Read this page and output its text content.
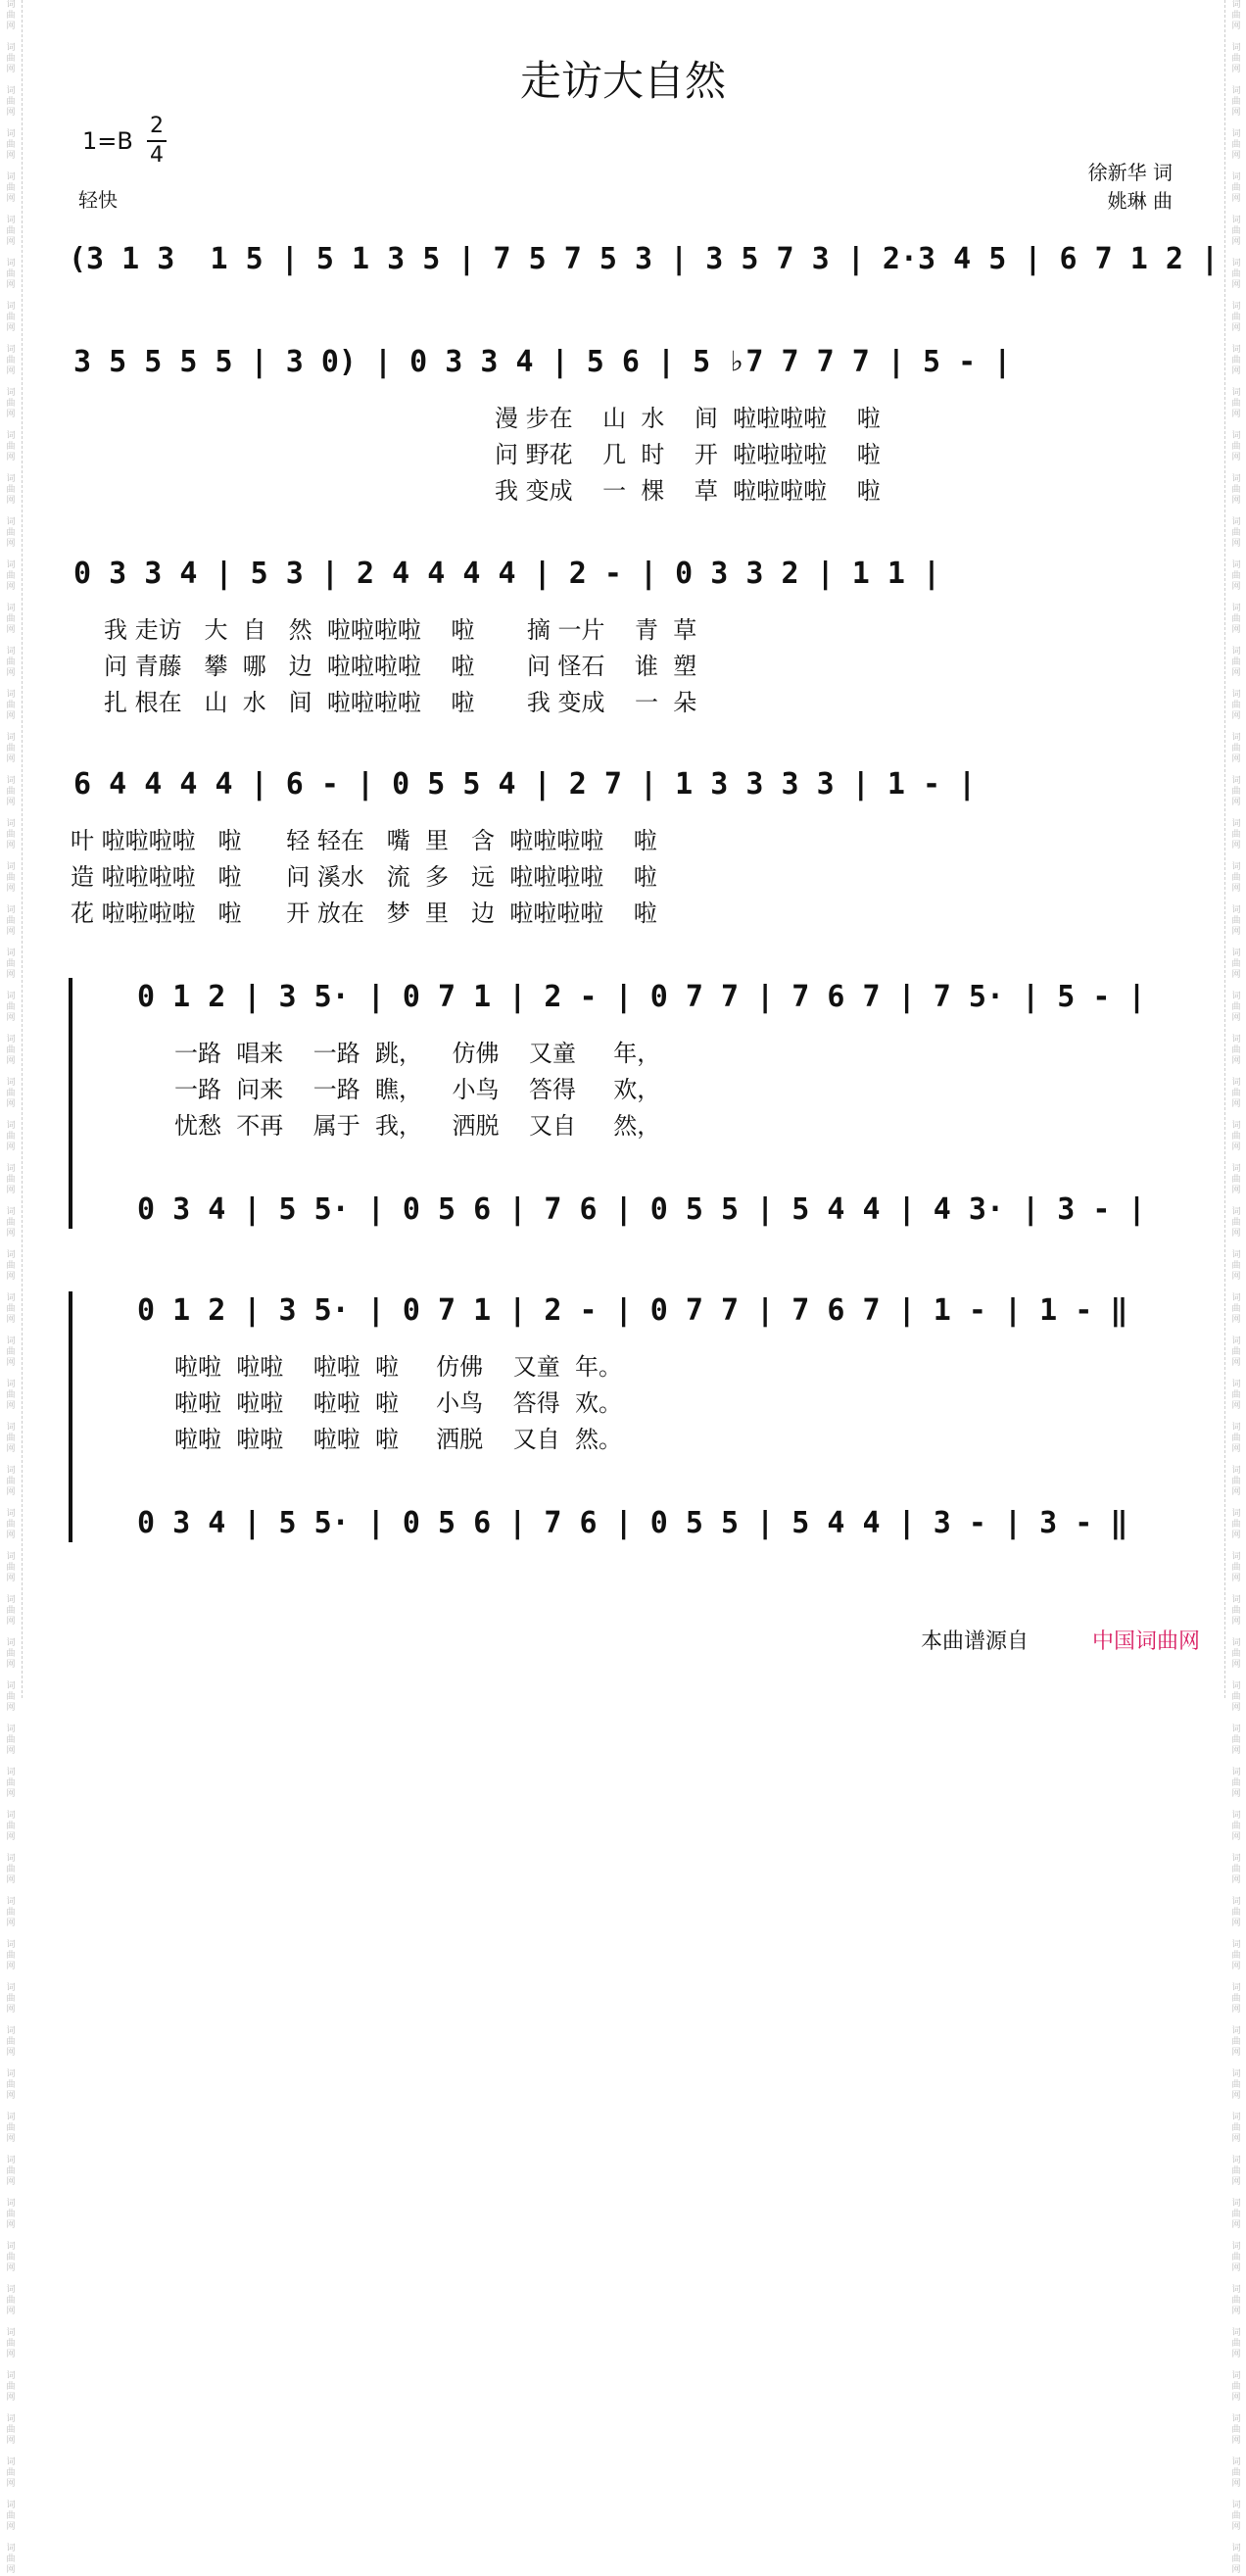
词
曲
网

词
曲
网

词
曲
网

词
曲
网

词
曲
网

词
曲
网

词
曲
网

词
曲
网

词
曲
网

词
曲
网

词
曲
网

词
曲
网

词
曲
网

词
曲
网

词
曲
网

词
曲
网

词
曲
网

词
曲
网

词
曲
网

词
曲
网

词
曲
网

词
曲
网

词
曲
网

词
曲
网

词
曲
网

词
曲
网

词
曲
网

词
曲
网

词
曲
网

词
曲
网

词
曲
网

词
曲
网

词
曲
网

词
曲
网

词
曲
网

词
曲
网

词
曲
网

词
曲
网

词
曲
网

词
曲
网

词
曲
网

词
曲
网

词
曲
网

词
曲
网

词
曲
网

词
曲
网

词
曲
网

词
曲
网

词
曲
网

词
曲
网

词
曲
网

词
曲
网

词
曲
网

词
曲
网

词
曲
网

词
曲
网

词
曲
网

词
曲
网

词
曲
网

词
曲
网

词
曲
网

词
曲
网

词
曲
网

词
曲
网

词
曲
网

词
曲
网

词
曲
网

词
曲
网

词
曲
网

词
曲
网

词
曲
网

词
曲
网

词
曲
网

词
曲
网

词
曲
网

词
曲
网

词
曲
网

词
曲
网

词
曲
网

词
曲
网

词
曲
网

词
曲
网

词
曲
网

词
曲
网

词
曲
网

词
曲
网

词
曲
网

词
曲
网

词
曲
网

词
曲
网

词
曲
网

词
曲
网

词
曲
网

词
曲
网

词
曲
网

词
曲
网

词
曲
网

词
曲
网

词
曲
网

词
曲
网

词
曲
网

词
曲
网

词
曲
网

词
曲
网

词
曲
网

词
曲
网

词
曲
网

词
曲
网

词
曲
网

词
曲
网

词
曲
网

词
曲
网

词
曲
网

词
曲
网

词
曲
网

词
曲
网

词
曲
网

词
曲
网

词
曲
网

词
曲
网

走访大自然
1=B
2
4
轻快
徐新华 词
姚琳 曲
(3 1 3  1 5 | 5 1 3 5 | 7 5 7 5 3 | 3 5 7 3 | 2·3 4 5 | 6 7 1 2 |
3 5 5 5 5 | 3 0) | 0 3 3 4 | 5 6 | 5 ♭7 7 7 7 | 5 - |
漫 步在    山  水    间  啦啦啦啦    啦
问 野花    几  时    开  啦啦啦啦    啦
我 变成    一  棵    草  啦啦啦啦    啦
0 3 3 4 | 5 3 | 2 4 4 4 4 | 2 - | 0 3 3 2 | 1 1 |
我 走访   大  自   然  啦啦啦啦    啦       摘 一片    青  草
问 青藤   攀  哪   边  啦啦啦啦    啦       问 怪石    谁  塑
扎 根在   山  水   间  啦啦啦啦    啦       我 变成    一  朵
6 4 4 4 4 | 6 - | 0 5 5 4 | 2 7 | 1 3 3 3 3 | 1 - |
叶 啦啦啦啦   啦      轻 轻在   嘴  里   含  啦啦啦啦    啦
造 啦啦啦啦   啦      问 溪水   流  多   远  啦啦啦啦    啦
花 啦啦啦啦   啦      开 放在   梦  里   边  啦啦啦啦    啦
0 1 2 | 3 5· | 0 7 1 | 2 - | 0 7 7 | 7 6 7 | 7 5· | 5 - |
一路  唱来    一路  跳，    仿佛    又童     年，
一路  问来    一路  瞧，    小鸟    答得     欢，
忧愁  不再    属于  我，    洒脱    又自     然，
0 3 4 | 5 5· | 0 5 6 | 7 6 | 0 5 5 | 5 4 4 | 4 3· | 3 - |
0 1 2 | 3 5· | 0 7 1 | 2 - | 0 7 7 | 7 6 7 | 1 - | 1 - ‖
啦啦  啦啦    啦啦  啦     仿佛    又童  年。
啦啦  啦啦    啦啦  啦     小鸟    答得  欢。
啦啦  啦啦    啦啦  啦     洒脱    又自  然。
0 3 4 | 5 5· | 0 5 6 | 7 6 | 0 5 5 | 5 4 4 | 3 - | 3 - ‖
本曲谱源自	中国词曲网
